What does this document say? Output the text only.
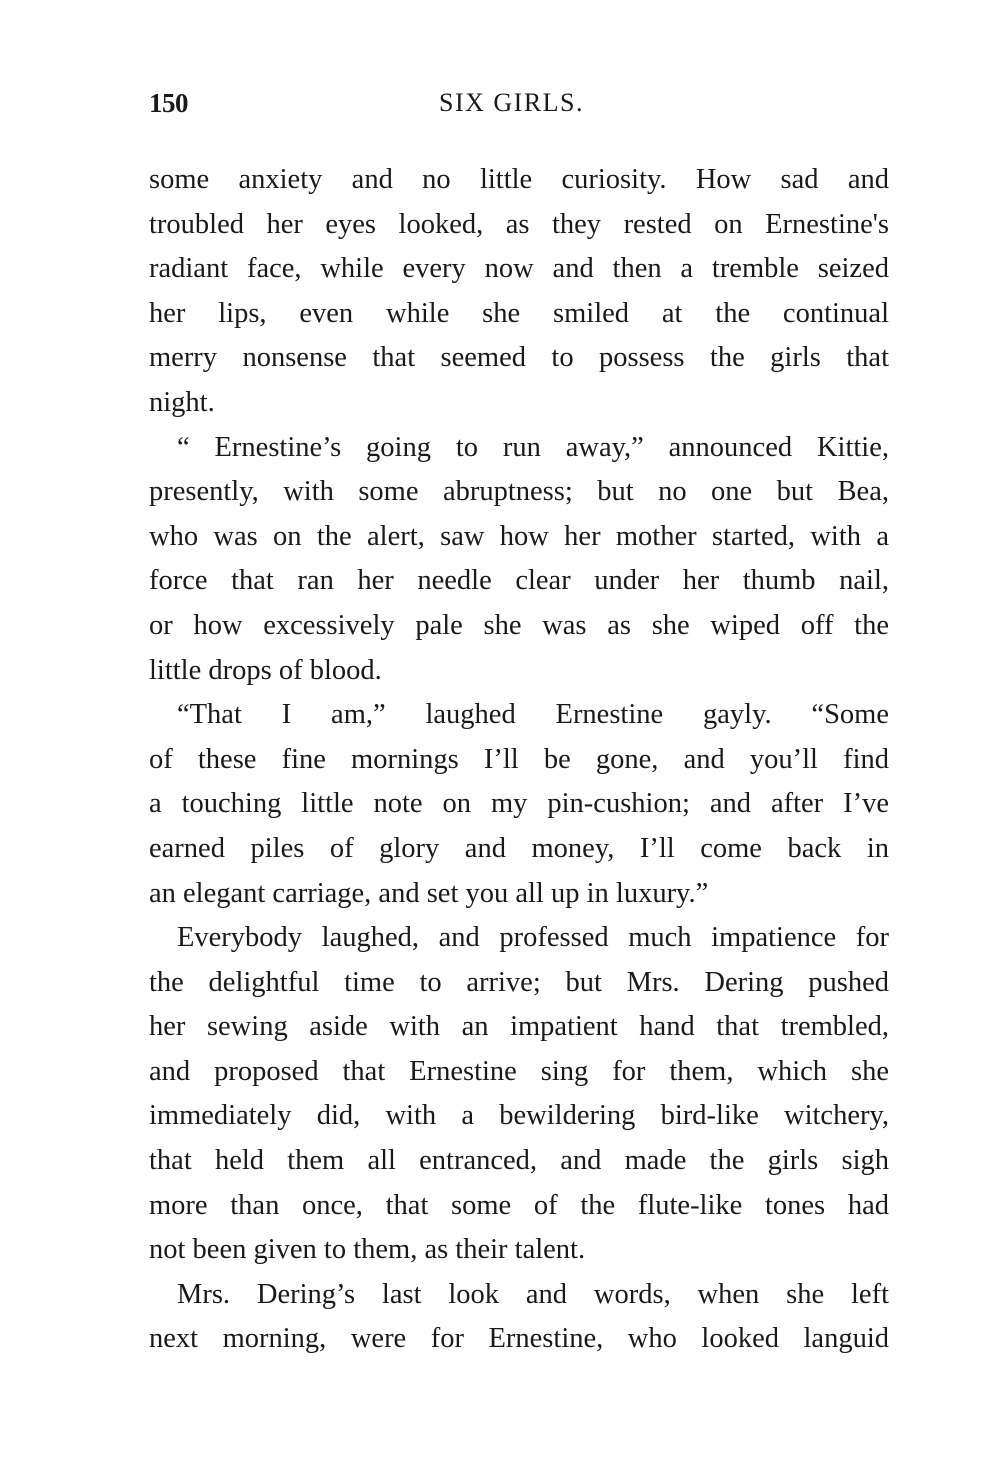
150	SIX GIRLS.
some anxiety and no little curiosity. How sad and
troubled her eyes looked, as they rested on Ernestine's
radiant face, while every now and then a tremble seized
her lips, even while she smiled at the continual
merry nonsense that seemed to possess the girls that
night.
“ Ernestine’s going to run away,” announced Kittie,
presently, with some abruptness; but no one but Bea,
who was on the alert, saw how her mother started, with a
force that ran her needle clear under her thumb nail,
or how excessively pale she was as she wiped off the
little drops of blood.
“That I am,” laughed Ernestine gayly. “Some
of these fine mornings I’ll be gone, and you’ll find
a touching little note on my pin-cushion; and after I’ve
earned piles of glory and money, I’ll come back in
an elegant carriage, and set you all up in luxury.”
Everybody laughed, and professed much impatience for
the delightful time to arrive; but Mrs. Dering pushed
her sewing aside with an impatient hand that trembled,
and proposed that Ernestine sing for them, which she
immediately did, with a bewildering bird-like witchery,
that held them all entranced, and made the girls sigh
more than once, that some of the flute-like tones had
not been given to them, as their talent.
Mrs. Dering’s last look and words, when she left
next morning, were for Ernestine, who looked languid
